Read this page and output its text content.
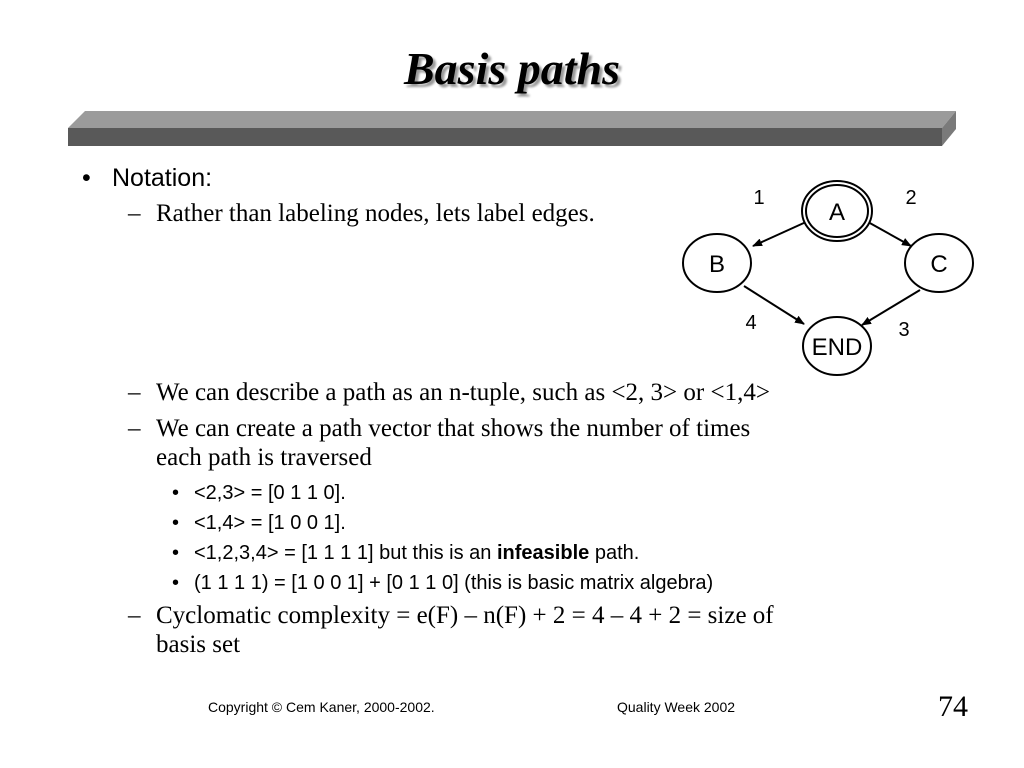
Basis paths
• Notation:
– Rather than labeling nodes, lets label edges.	A
B	C
END
1	2
3
4
– We can describe a path as an n-tuple, such as <2, 3> or <1,4>
– We can create a path vector that shows the number of times
each path is traversed
• <2,3> = [0 1 1 0].
• <1,4> = [1 0 0 1].
• <1,2,3,4> = [1 1 1 1] but this is an infeasible path.
• (1 1 1 1) = [1 0 0 1] + [0 1 1 0] (this is basic matrix algebra)
– Cyclomatic complexity = e(F) – n(F) + 2 = 4 – 4 + 2 = size of
basis set
Copyright © Cem Kaner, 2000-2002.	Quality Week 2002	74
